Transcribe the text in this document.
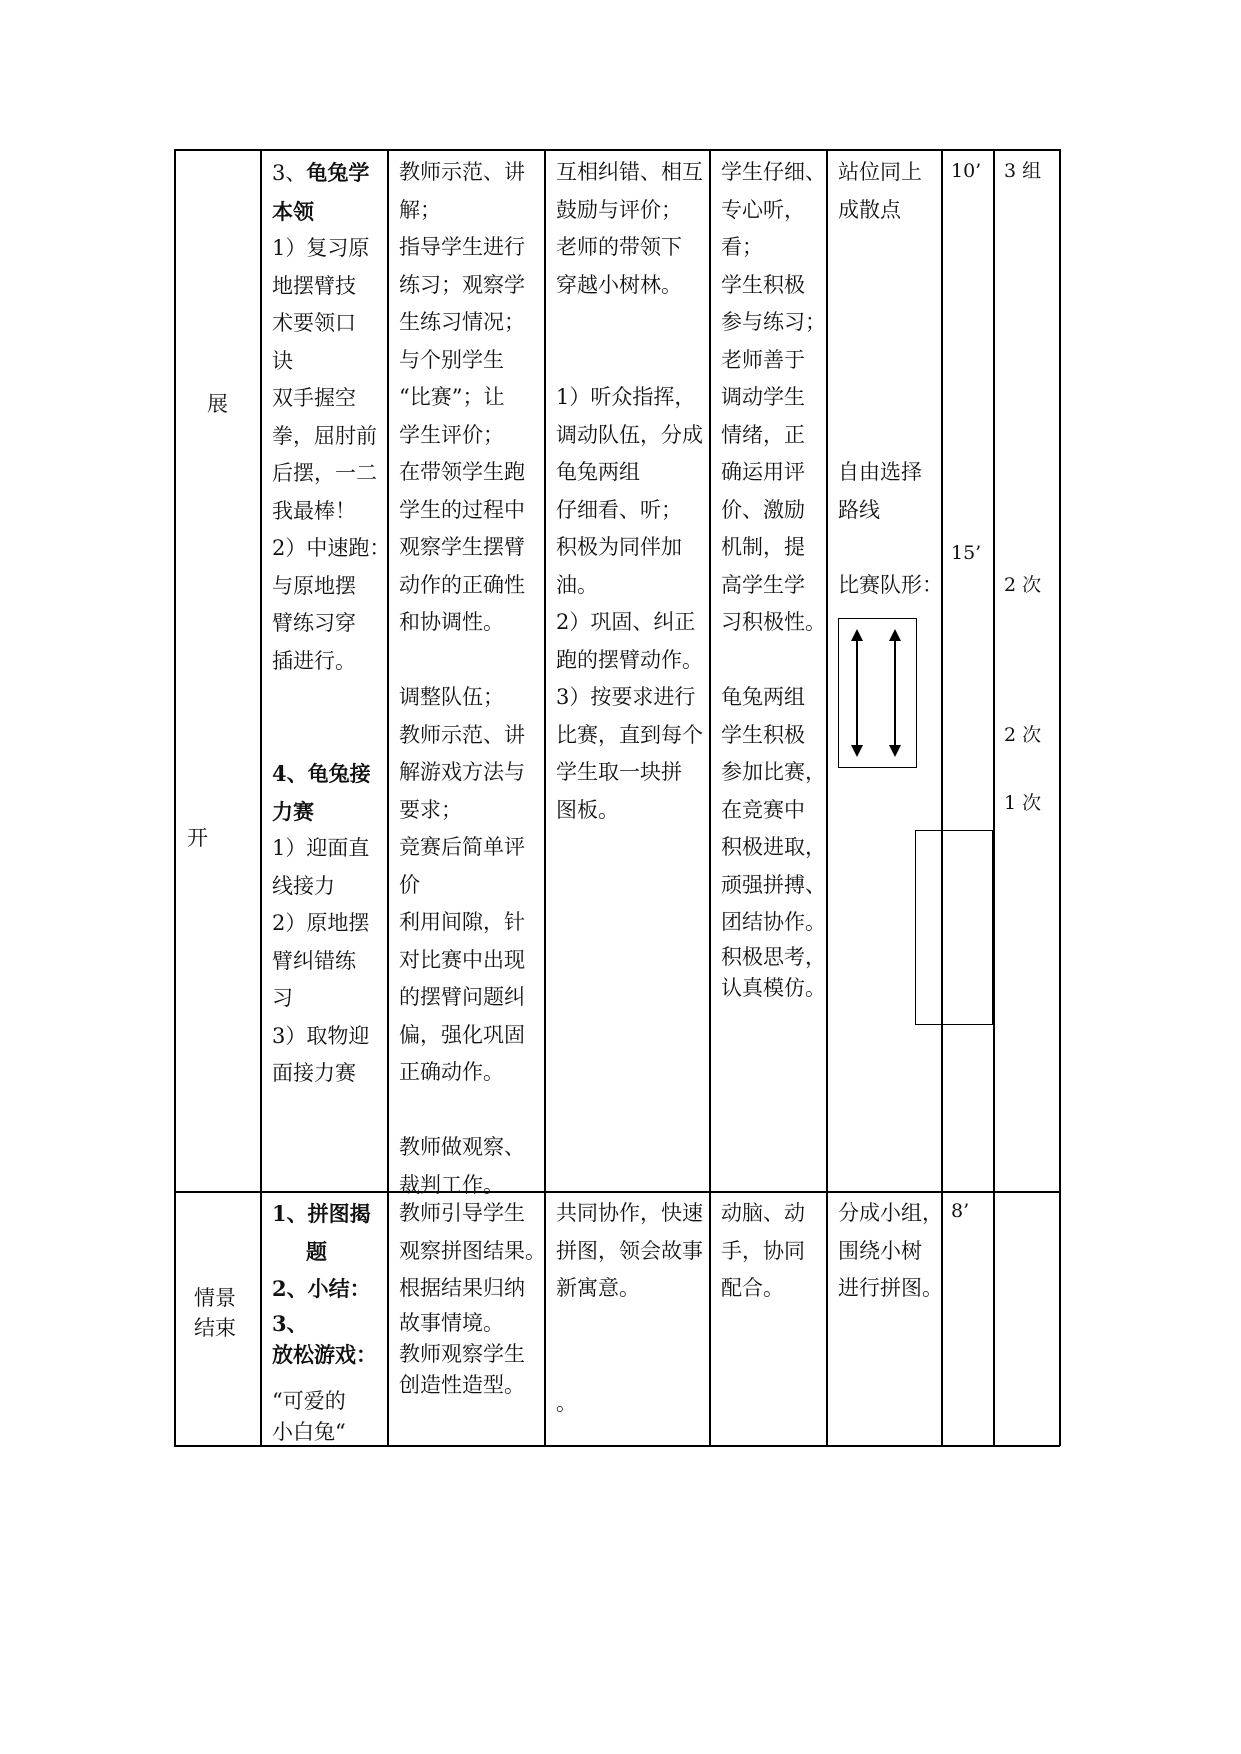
展
开
3、龟兔学
本领
1）复习原
地摆臂技
术要领口
诀
双手握空
拳，屈肘前
后摆，一二
我最棒！
2）中速跑：
与原地摆
臂练习穿
插进行。

4、龟兔接
力赛
1）迎面直
线接力
2）原地摆
臂纠错练
习
3）取物迎
面接力赛
教师示范、讲
解；
指导学生进行
练习；观察学
生练习情况；
与个别学生
“比赛”；让
学生评价；
在带领学生跑
学生的过程中
观察学生摆臂
动作的正确性
和协调性。

调整队伍；
教师示范、讲
解游戏方法与
要求；
竞赛后简单评
价
利用间隙，针
对比赛中出现
的摆臂问题纠
偏，强化巩固
正确动作。

教师做观察、
裁判工作。
互相纠错、相互
鼓励与评价；
老师的带领下
穿越小树林。

1）听众指挥，
调动队伍，分成
龟兔两组
仔细看、听；
积极为同伴加
油。
2）巩固、纠正
跑的摆臂动作。
3）按要求进行
比赛，直到每个
学生取一块拼
图板。
学生仔细、
专心听，
看；
学生积极
参与练习；
老师善于
调动学生
情绪，正
确运用评
价、激励
机制，提
高学生学
习积极性。

龟兔两组
学生积极
参加比赛，
在竞赛中
积极进取，
顽强拼搏、
团结协作。
积极思考，
认真模仿。
站位同上
成散点
自由选择
路线
比赛队形：
10’
15’
3 组
2 次
2 次
1 次
情景
结束
1、拼图揭
题
2、小结：
3、
放松游戏：
“可爱的
小白兔“
教师引导学生
观察拼图结果。
根据结果归纳
故事情境。
教师观察学生
创造性造型。
共同协作，快速
拼图，领会故事
新寓意。
。
动脑、动
手，协同
配合。
分成小组，
围绕小树
进行拼图。
8’
